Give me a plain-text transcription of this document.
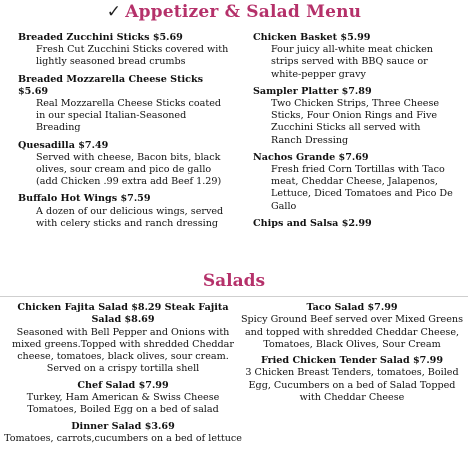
✓ Appetizer & Salad Menu
Breaded Zucchini Sticks $5.69
Fresh Cut Zucchini Sticks covered with lightly seasoned bread crumbs
Breaded Mozzarella Cheese Sticks $5.69
Real Mozzarella Cheese Sticks coated in our special Italian-Seasoned Breading
Quesadilla $7.49
Served with cheese, Bacon bits, black olives, sour cream and pico de gallo (add Chicken .99 extra add Beef 1.29)
Buffalo Hot Wings $7.59
A dozen of our delicious wings, served with celery sticks and ranch dressing
Chicken Basket $5.99
Four juicy all-white meat chicken strips served with BBQ sauce or white-pepper gravy
Sampler Platter $7.89
Two Chicken Strips, Three Cheese Sticks, Four Onion Rings and Five Zucchini Sticks all served with Ranch Dressing
Nachos Grande $7.69
Fresh fried Corn Tortillas with Taco meat, Cheddar Cheese, Jalapenos, Lettuce, Diced Tomatoes and Pico De Gallo
Chips and Salsa $2.99
Salads
Chicken Fajita Salad $8.29 Steak Fajita Salad $8.69
Seasoned with Bell Pepper and Onions with mixed greens.Topped with shredded Cheddar cheese, tomatoes, black olives, sour cream. Served on a crispy tortilla shell
Chef Salad $7.99
Turkey, Ham American & Swiss Cheese Tomatoes, Boiled Egg on a bed of salad
Dinner Salad $3.69
Tomatoes, carrots,cucumbers on a bed of lettuce
Taco Salad $7.99
Spicy Ground Beef served over Mixed Greens and topped with shredded Cheddar Cheese, Tomatoes, Black Olives, Sour Cream
Fried Chicken Tender Salad $7.99
3 Chicken Breast Tenders, tomatoes, Boiled Egg, Cucumbers on a bed of Salad Topped with Cheddar Cheese
